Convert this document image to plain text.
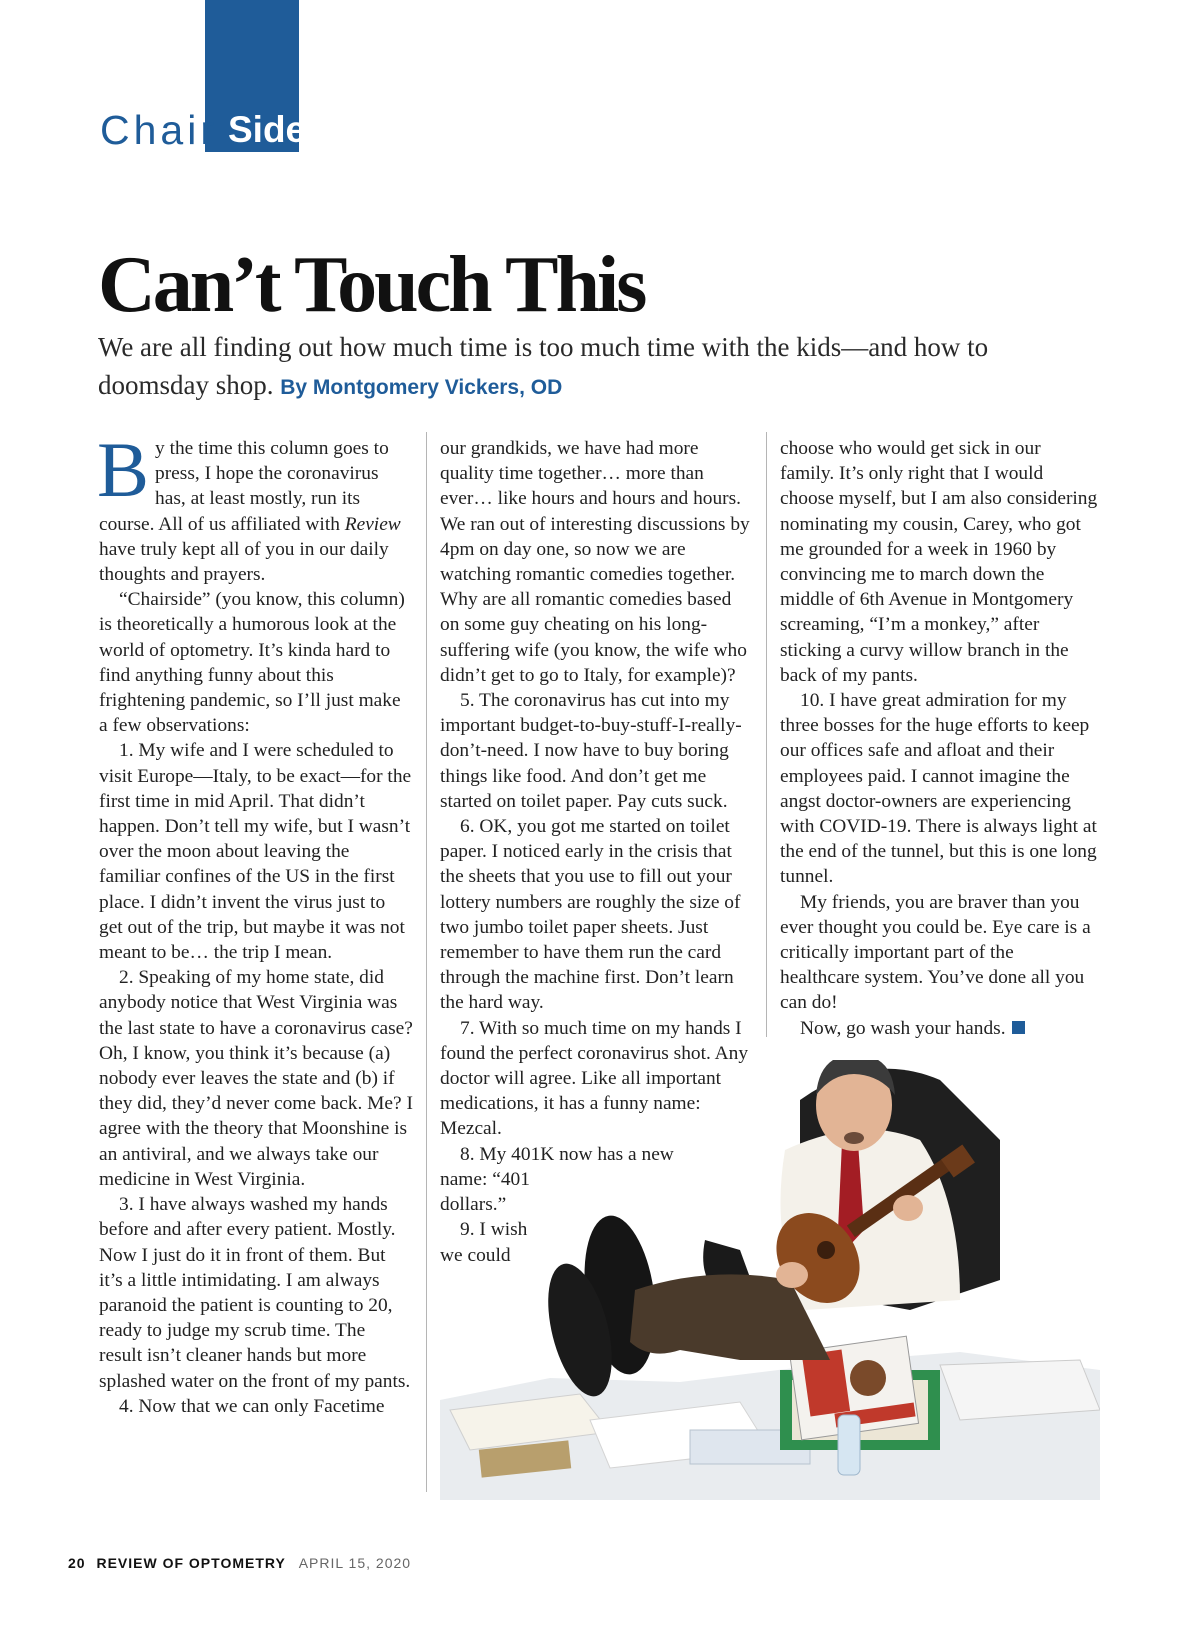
Chair Side
Can’t Touch This

We are all finding out how much time is too much time with the kids—and how to doomsday shop. By Montgomery Vickers, OD

By the time this column goes to press, I hope the coronavirus has, at least mostly, run its course. All of us affiliated with Review have truly kept all of you in our daily thoughts and prayers.

“Chairside” (you know, this column) is theoretically a humorous look at the world of optometry. It’s kinda hard to find anything funny about this frightening pandemic, so I’ll just make a few observations:

1. My wife and I were scheduled to visit Europe—Italy, to be exact—for the first time in mid April. That didn’t happen. Don’t tell my wife, but I wasn’t over the moon about leaving the familiar confines of the US in the first place. I didn’t invent the virus just to get out of the trip, but maybe it was not meant to be… the trip I mean.

2. Speaking of my home state, did anybody notice that West Virginia was the last state to have a coronavirus case? Oh, I know, you think it’s because (a) nobody ever leaves the state and (b) if they did, they’d never come back. Me? I agree with the theory that Moonshine is an antiviral, and we always take our medicine in West Virginia.

3. I have always washed my hands before and after every patient. Mostly. Now I just do it in front of them. But it’s a little intimidating. I am always paranoid the patient is counting to 20, ready to judge my scrub time. The result isn’t cleaner hands but more splashed water on the front of my pants.

4. Now that we can only Facetime

our grandkids, we have had more quality time together… more than ever… like hours and hours and hours. We ran out of interesting discussions by 4pm on day one, so now we are watching romantic comedies together. Why are all romantic comedies based on some guy cheating on his long-suffering wife (you know, the wife who didn’t get to go to Italy, for example)?

5. The coronavirus has cut into my important budget-to-buy-stuff-I-really-don’t-need. I now have to buy boring things like food. And don’t get me started on toilet paper. Pay cuts suck.

6. OK, you got me started on toilet paper. I noticed early in the crisis that the sheets that you use to fill out your lottery numbers are roughly the size of two jumbo toilet paper sheets. Just remember to have them run the card through the machine first. Don’t learn the hard way.

7. With so much time on my hands I found the perfect coronavirus shot. Any doctor will agree. Like all important medications, it has a funny name: Mezcal.

8. My 401K now has a new
name: “401
dollars.”

9. I wish
we could

choose who would get sick in our family. It’s only right that I would choose myself, but I am also considering nominating my cousin, Carey, who got me grounded for a week in 1960 by convincing me to march down the middle of 6th Avenue in Montgomery screaming, “I’m a monkey,” after sticking a curvy willow branch in the back of my pants.

10. I have great admiration for my three bosses for the huge efforts to keep our offices safe and afloat and their employees paid. I cannot imagine the angst doctor-owners are experiencing with COVID-19. There is always light at the end of the tunnel, but this is one long tunnel.

My friends, you are braver than you ever thought you could be. Eye care is a critically important part of the healthcare system. You’ve done all you can do!

Now, go wash your hands.

20 REVIEW OF OPTOMETRY APRIL 15, 2020
